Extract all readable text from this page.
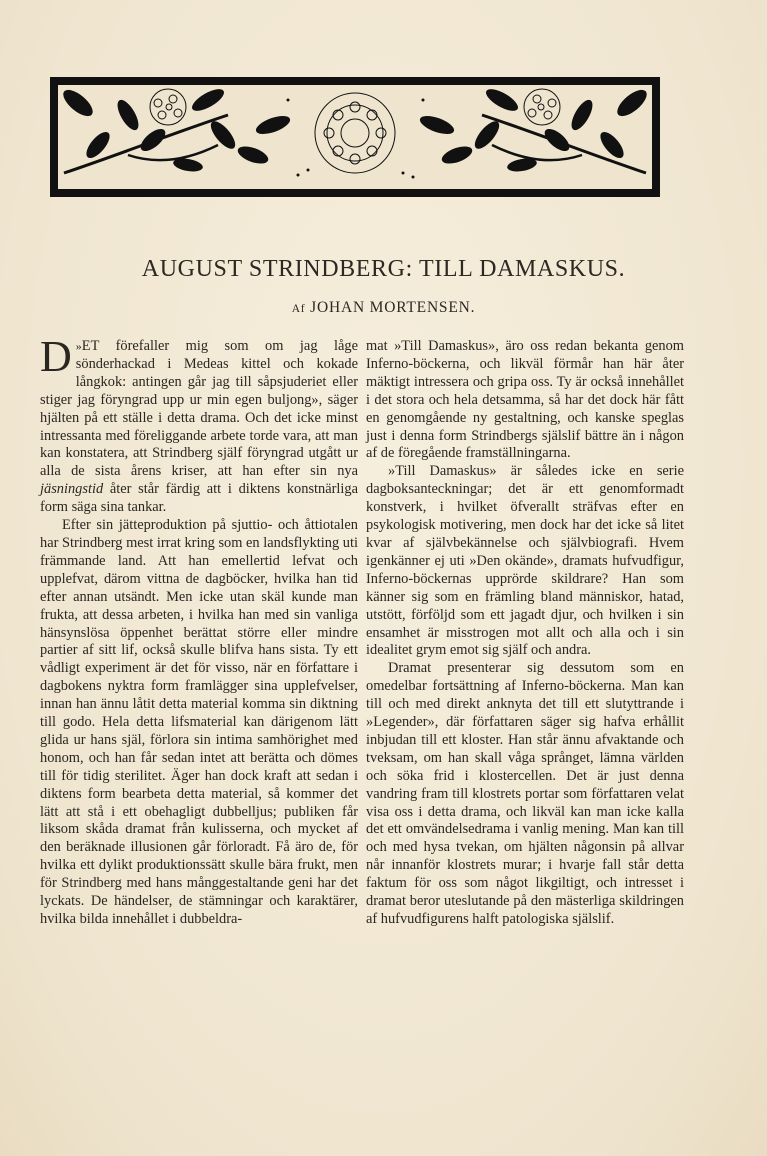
AUGUST STRINDBERG: TILL DAMASKUS.
Af JOHAN MORTENSEN.

»
D ET förefaller mig som om jag låge sönderhackad i Medeas kittel och kokade långkok: antingen går jag till såpsjuderiet eller stiger jag föryngrad upp ur min egen buljong», säger hjälten på ett ställe i detta drama. Och det icke minst intressanta med föreliggande arbete torde vara, att man kan konstatera, att Strindberg själf föryngrad utgått ur alla de sista årens kriser, att han efter sin nya jäsningstid åter står färdig att i diktens konstnärliga form säga sina tankar.

Efter sin jätteproduktion på sjuttio- och åttiotalen har Strindberg mest irrat kring som en landsflykting uti främmande land. Att han emellertid lefvat och upplefvat, därom vittna de dagböcker, hvilka han tid efter annan utsändt. Men icke utan skäl kunde man frukta, att dessa arbeten, i hvilka han med sin vanliga hänsynslösa öppenhet berättat större eller mindre partier af sitt lif, också skulle blifva hans sista. Ty ett vådligt experiment är det för visso, när en författare i dagbokens nyktra form framlägger sina upplefvelser, innan han ännu låtit detta material komma sin diktning till godo. Hela detta lifsmaterial kan därigenom lätt glida ur hans själ, förlora sin intima samhörighet med honom, och han får sedan intet att berätta och dömes till för tidig sterilitet. Äger han dock kraft att sedan i diktens form bearbeta detta material, så kommer det lätt att stå i ett obehagligt dubbelljus; publiken får liksom skåda dramat från kulisserna, och mycket af den beräknade illusionen går förloradt. Få äro de, för hvilka ett dylikt produktionssätt skulle bära frukt, men för Strindberg med hans månggestaltande geni har det lyckats. De händelser, de stämningar och karaktärer, hvilka bilda innehållet i dubbeldra-

mat »Till Damaskus», äro oss redan bekanta genom Inferno-böckerna, och likväl förmår han här åter mäktigt intressera och gripa oss. Ty är också innehållet i det stora och hela detsamma, så har det dock här fått en genomgående ny gestaltning, och kanske speglas just i denna form Strindbergs själslif bättre än i någon af de föregående framställningarna.

»Till Damaskus» är således icke en serie dagboksanteckningar; det är ett genomformadt konstverk, i hvilket öfverallt sträfvas efter en psykologisk motivering, men dock har det icke så litet kvar af självbekännelse och självbiografi. Hvem igenkänner ej uti »Den okände», dramats hufvudfigur, Inferno-böckernas upprörde skildrare? Han som känner sig som en främling bland människor, hatad, utstött, förföljd som ett jagadt djur, och hvilken i sin ensamhet är misstrogen mot allt och alla och i sin idealitet grym emot sig själf och andra.

Dramat presenterar sig dessutom som en omedelbar fortsättning af Inferno-böckerna. Man kan till och med direkt anknyta det till ett slutyttrande i »Legender», där författaren säger sig hafva erhållit inbjudan till ett kloster. Han står ännu afvaktande och tveksam, om han skall våga språnget, lämna världen och söka frid i klostercellen. Det är just denna vandring fram till klostrets portar som författaren velat visa oss i detta drama, och likväl kan man icke kalla det ett omvändelsedrama i vanlig mening. Man kan till och med hysa tvekan, om hjälten någonsin på allvar når innanför klostrets murar; i hvarje fall står detta faktum för oss som något likgiltigt, och intresset i dramat beror uteslutande på den mästerliga skildringen af hufvudfigurens halft patologiska själslif.
